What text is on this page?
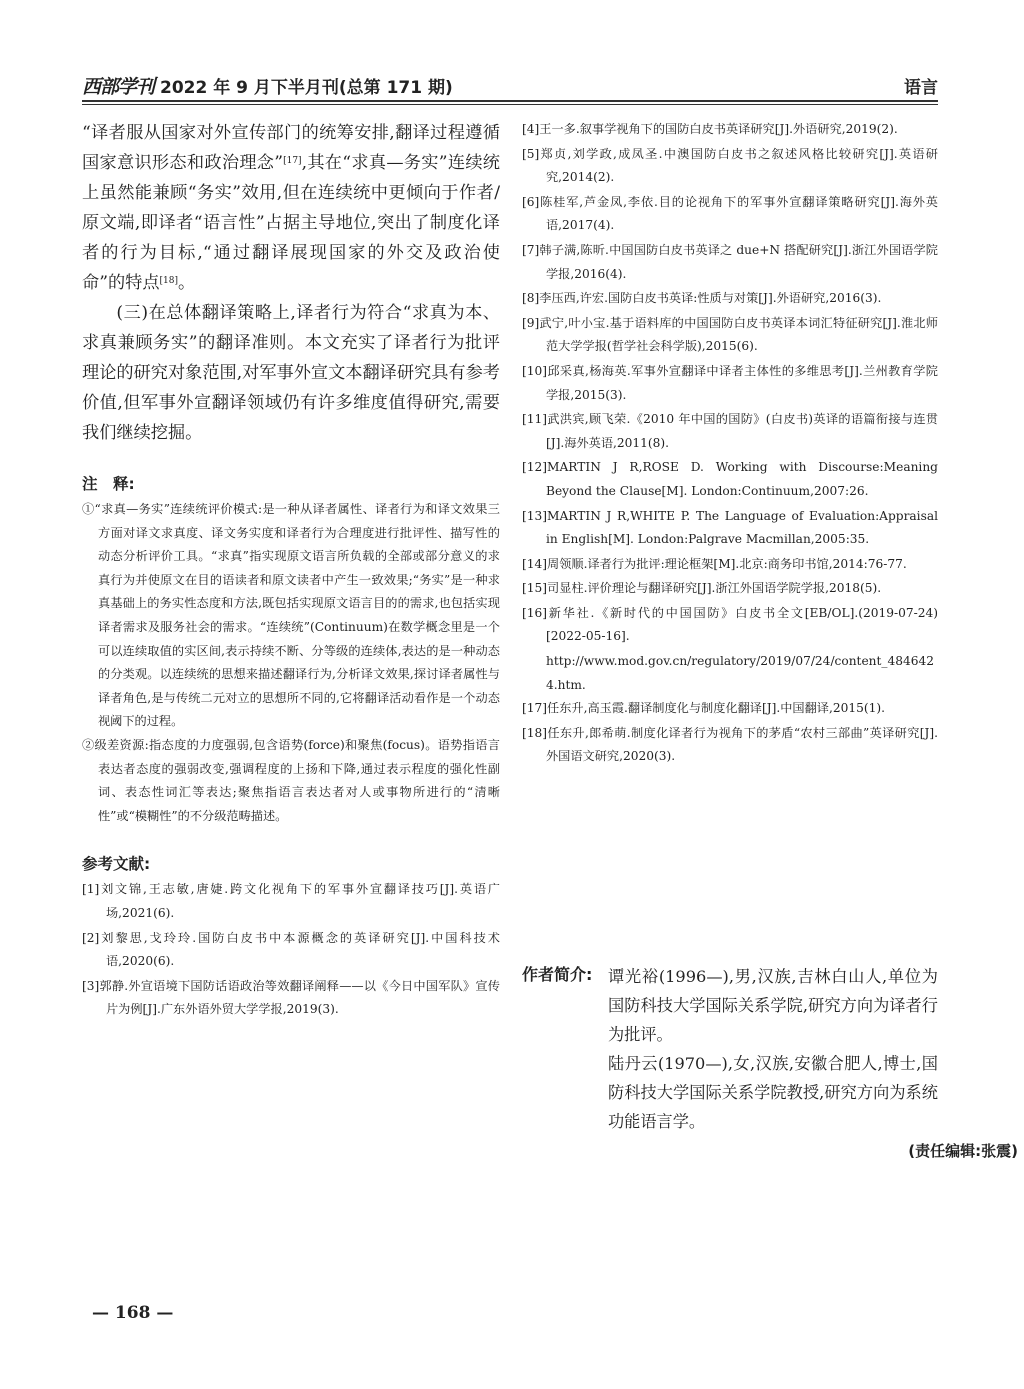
西部学刊 2022 年 9 月下半月刊(总第 171 期)	语言

“译者服从国家对外宣传部门的统筹安排,翻译过程遵循国家意识形态和政治理念”[17],其在“求真—务实”连续统上虽然能兼顾“务实”效用,但在连续统中更倾向于作者/原文端,即译者“语言性”占据主导地位,突出了制度化译者的行为目标,“通过翻译展现国家的外交及政治使命”的特点[18]。

(三)在总体翻译策略上,译者行为符合“求真为本、求真兼顾务实”的翻译准则。本文充实了译者行为批评理论的研究对象范围,对军事外宣文本翻译研究具有参考价值,但军事外宣翻译领域仍有许多维度值得研究,需要我们继续挖掘。

注　释:

①“求真—务实”连续统评价模式:是一种从译者属性、译者行为和译文效果三方面对译文求真度、译文务实度和译者行为合理度进行批评性、描写性的动态分析评价工具。“求真”指实现原文语言所负载的全部或部分意义的求真行为并使原文在目的语读者和原文读者中产生一致效果;“务实”是一种求真基础上的务实性态度和方法,既包括实现原文语言目的的需求,也包括实现译者需求及服务社会的需求。“连续统”(Continuum)在数学概念里是一个可以连续取值的实区间,表示持续不断、分等级的连续体,表达的是一种动态的分类观。以连续统的思想来描述翻译行为,分析译文效果,探讨译者属性与译者角色,是与传统二元对立的思想所不同的,它将翻译活动看作是一个动态视阈下的过程。

②级差资源:指态度的力度强弱,包含语势(force)和聚焦(focus)。语势指语言表达者态度的强弱改变,强调程度的上扬和下降,通过表示程度的强化性副词、表态性词汇等表达;聚焦指语言表达者对人或事物所进行的“清晰性”或“模糊性”的不分级范畴描述。

参考文献:

[1]刘文锦,王志敏,唐婕.跨文化视角下的军事外宣翻译技巧[J].英语广场,2021(6).

[2]刘黎思,戈玲玲.国防白皮书中本源概念的英译研究[J].中国科技术语,2020(6).

[3]郭静.外宣语境下国防话语政治等效翻译阐释——以《今日中国军队》宣传片为例[J].广东外语外贸大学学报,2019(3).

[4]王一多.叙事学视角下的国防白皮书英译研究[J].外语研究,2019(2).

[5]郑贞,刘学政,成凤圣.中澳国防白皮书之叙述风格比较研究[J].英语研究,2014(2).

[6]陈桂军,芦金凤,李依.目的论视角下的军事外宣翻译策略研究[J].海外英语,2017(4).

[7]韩子满,陈昕.中国国防白皮书英译之 due+N 搭配研究[J].浙江外国语学院学报,2016(4).

[8]李压西,许宏.国防白皮书英译:性质与对策[J].外语研究,2016(3).

[9]武宁,叶小宝.基于语料库的中国国防白皮书英译本词汇特征研究[J].淮北师范大学学报(哲学社会科学版),2015(6).

[10]邱采真,杨海英.军事外宣翻译中译者主体性的多维思考[J].兰州教育学院学报,2015(3).

[11]武洪宾,顾飞荣.《2010 年中国的国防》(白皮书)英译的语篇衔接与连贯[J].海外英语,2011(8).

[12]MARTIN J R,ROSE D. Working with Discourse:Meaning Beyond the Clause[M]. London:Continuum,2007:26.

[13]MARTIN J R,WHITE P. The Language of Evaluation:Appraisal in English[M]. London:Palgrave Macmillan,2005:35.

[14]周领顺.译者行为批评:理论框架[M].北京:商务印书馆,2014:76-77.

[15]司显柱.评价理论与翻译研究[J].浙江外国语学院学报,2018(5).

[16]新华社.《新时代的中国国防》白皮书全文[EB/OL].(2019-07-24)[2022-05-16].

http://www.mod.gov.cn/regulatory/2019/07/24/content_4846424.htm.

[17]任东升,高玉霞.翻译制度化与制度化翻译[J].中国翻译,2015(1).

[18]任东升,郎希萌.制度化译者行为视角下的茅盾“农村三部曲”英译研究[J].外国语文研究,2020(3).

作者简介: 谭光裕(1996—),男,汉族,吉林白山人,单位为国防科技大学国际关系学院,研究方向为译者行为批评。

陆丹云(1970—),女,汉族,安徽合肥人,博士,国防科技大学国际关系学院教授,研究方向为系统功能语言学。

(责任编辑:张震)
— 168 —
